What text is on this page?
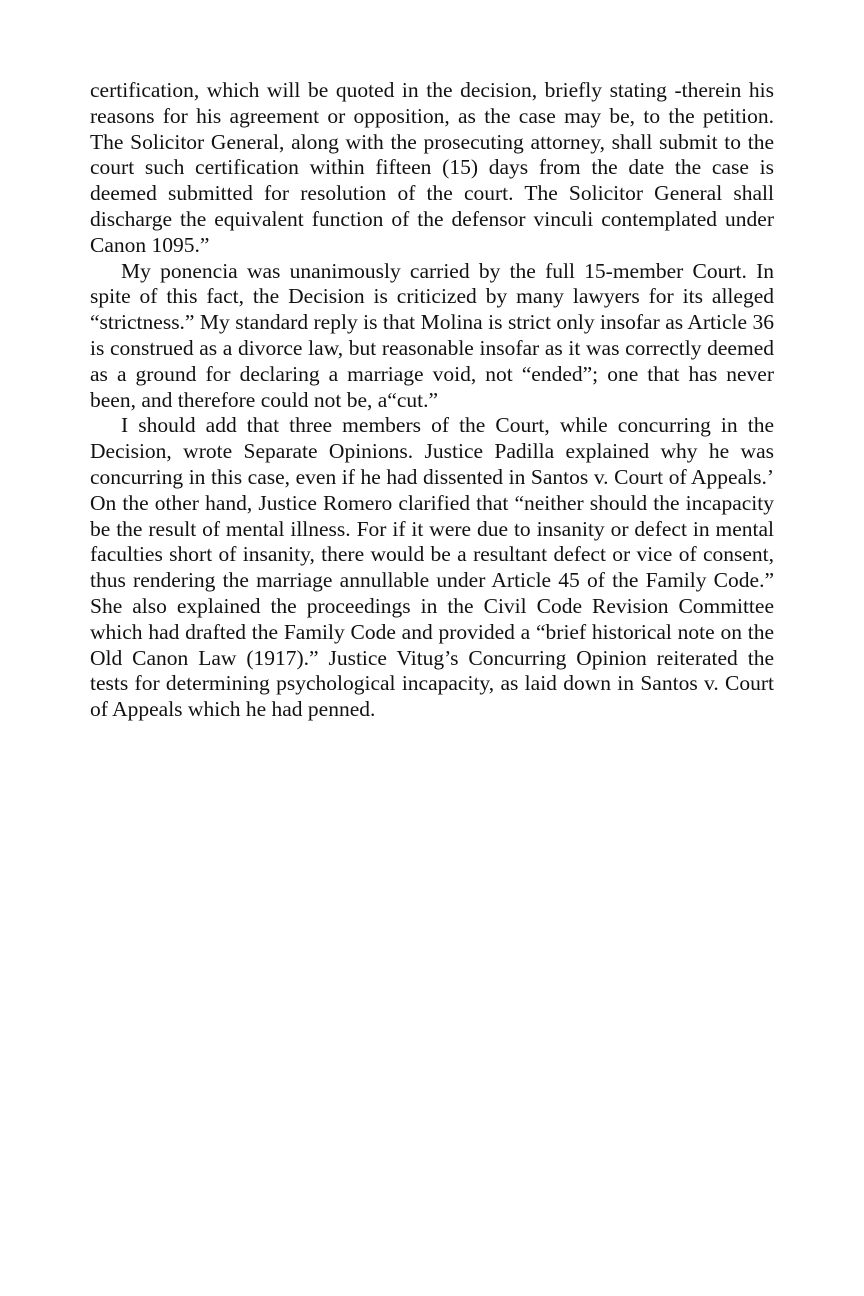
certification, which will be quoted in the decision, briefly stating -therein his reasons for his agreement or opposition, as the case may be, to the petition. The Solicitor General, along with the prosecuting attorney, shall submit to the court such certification within fifteen (15) days from the date the case is deemed submitted for resolution of the court. The Solicitor General shall discharge the equivalent function of the defensor vinculi contemplated under Canon 1095.”

My ponencia was unanimously carried by the full 15-member Court. In spite of this fact, the Decision is criticized by many lawyers for its alleged “strictness.” My standard reply is that Molina is strict only insofar as Article 36 is construed as a divorce law, but reasonable insofar as it was correctly deemed as a ground for declaring a marriage void, not “ended”; one that has never been, and therefore could not be, a“cut.”

I should add that three members of the Court, while concurring in the Decision, wrote Separate Opinions. Justice Padilla explained why he was concurring in this case, even if he had dissented in Santos v. Court of Appeals.’ On the other hand, Justice Romero clarified that “neither should the incapacity be the result of mental illness. For if it were due to insanity or defect in mental faculties short of insanity, there would be a resultant defect or vice of consent, thus rendering the marriage annullable under Article 45 of the Family Code.” She also explained the proceedings in the Civil Code Revision Committee which had drafted the Family Code and provided a “brief historical note on the Old Canon Law (1917).” Justice Vitug’s Concurring Opinion reiterated the tests for determining psychological incapacity, as laid down in Santos v. Court of Appeals which he had penned.
